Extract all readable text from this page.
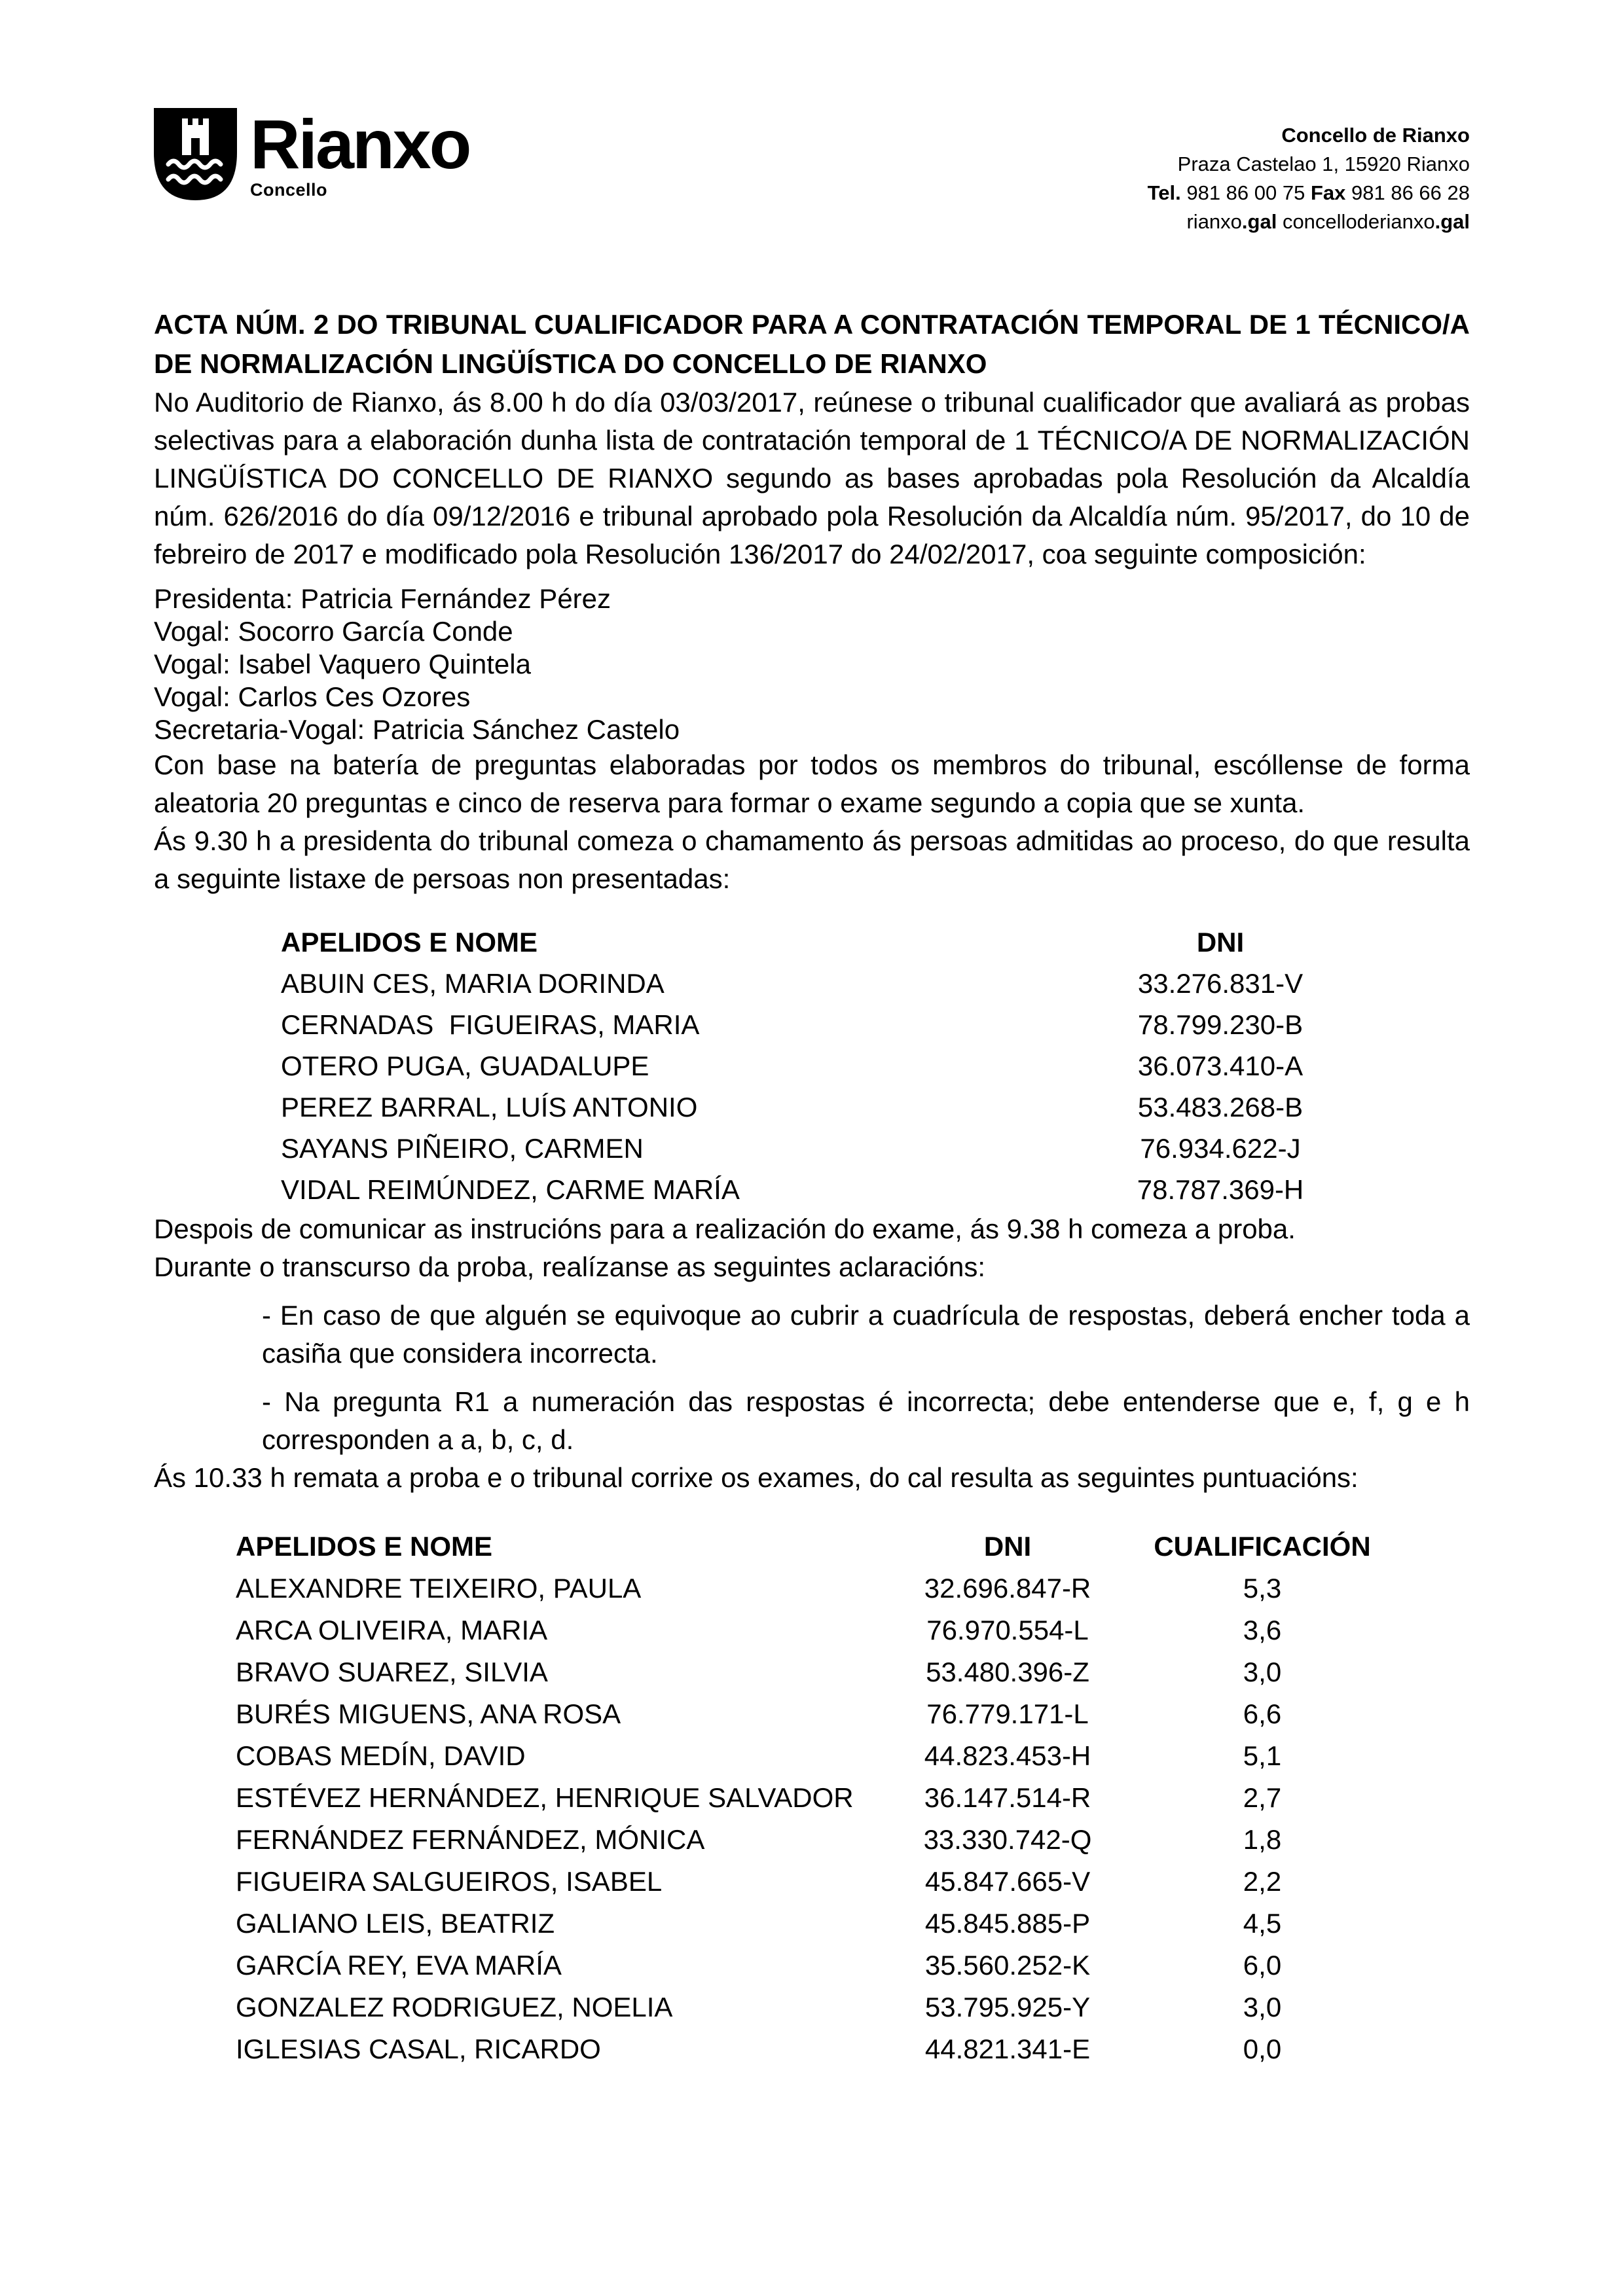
Rianxo
Concello
Concello de Rianxo
Praza Castelao 1, 15920 Rianxo
Tel. 981 86 00 75 Fax 981 86 66 28
rianxo.gal concelloderianxo.gal
ACTA NÚM. 2 DO TRIBUNAL CUALIFICADOR PARA A CONTRATACIÓN TEMPORAL DE 1 TÉCNICO/A DE NORMALIZACIÓN LINGÜÍSTICA DO CONCELLO DE RIANXO

No Auditorio de Rianxo, ás 8.00 h do día 03/03/2017, reúnese o tribunal cualificador que avaliará as probas selectivas para a elaboración dunha lista de contratación temporal de 1 TÉCNICO/A DE NORMALIZACIÓN LINGÜÍSTICA DO CONCELLO DE RIANXO segundo as bases aprobadas pola Resolución da Alcaldía núm. 626/2016 do día 09/12/2016 e tribunal aprobado pola Resolución da Alcaldía núm. 95/2017, do 10 de febreiro de 2017 e modificado pola Resolución 136/2017 do 24/02/2017, coa seguinte composición:

Presidenta: Patricia Fernández Pérez
Vogal: Socorro García Conde
Vogal: Isabel Vaquero Quintela
Vogal: Carlos Ces Ozores
Secretaria-Vogal: Patricia Sánchez Castelo

Con base na batería de preguntas elaboradas por todos os membros do tribunal, escóllense de forma aleatoria 20 preguntas e cinco de reserva para formar o exame segundo a copia que se xunta.

Ás 9.30 h a presidenta do tribunal comeza o chamamento ás persoas admitidas ao proceso, do que resulta a seguinte listaxe de persoas non presentadas:

APELIDOS E NOME	DNI
ABUIN CES, MARIA DORINDA	33.276.831-V
CERNADAS  FIGUEIRAS, MARIA	78.799.230-B
OTERO PUGA, GUADALUPE	36.073.410-A
PEREZ BARRAL, LUÍS ANTONIO	53.483.268-B
SAYANS PIÑEIRO, CARMEN	76.934.622-J
VIDAL REIMÚNDEZ, CARME MARÍA	78.787.369-H

Despois de comunicar as instrucións para a realización do exame, ás 9.38 h comeza a proba.

Durante o transcurso da proba, realízanse as seguintes aclaracións:

- En caso de que alguén se equivoque ao cubrir a cuadrícula de respostas, deberá encher toda a casiña que considera incorrecta.

- Na pregunta R1 a numeración das respostas é incorrecta; debe entenderse que e, f, g e h corresponden a a, b, c, d.

Ás 10.33 h remata a proba e o tribunal corrixe os exames, do cal resulta as seguintes puntuacións:

APELIDOS E NOME	DNI	CUALIFICACIÓN
ALEXANDRE TEIXEIRO, PAULA	32.696.847-R	5,3
ARCA OLIVEIRA, MARIA	76.970.554-L	3,6
BRAVO SUAREZ, SILVIA	53.480.396-Z	3,0
BURÉS MIGUENS, ANA ROSA	76.779.171-L	6,6
COBAS MEDÍN, DAVID	44.823.453-H	5,1
ESTÉVEZ HERNÁNDEZ, HENRIQUE SALVADOR	36.147.514-R	2,7
FERNÁNDEZ FERNÁNDEZ, MÓNICA	33.330.742-Q	1,8
FIGUEIRA SALGUEIROS, ISABEL	45.847.665-V	2,2
GALIANO LEIS, BEATRIZ	45.845.885-P	4,5
GARCÍA REY, EVA MARÍA	35.560.252-K	6,0
GONZALEZ RODRIGUEZ, NOELIA	53.795.925-Y	3,0
IGLESIAS CASAL, RICARDO	44.821.341-E	0,0
